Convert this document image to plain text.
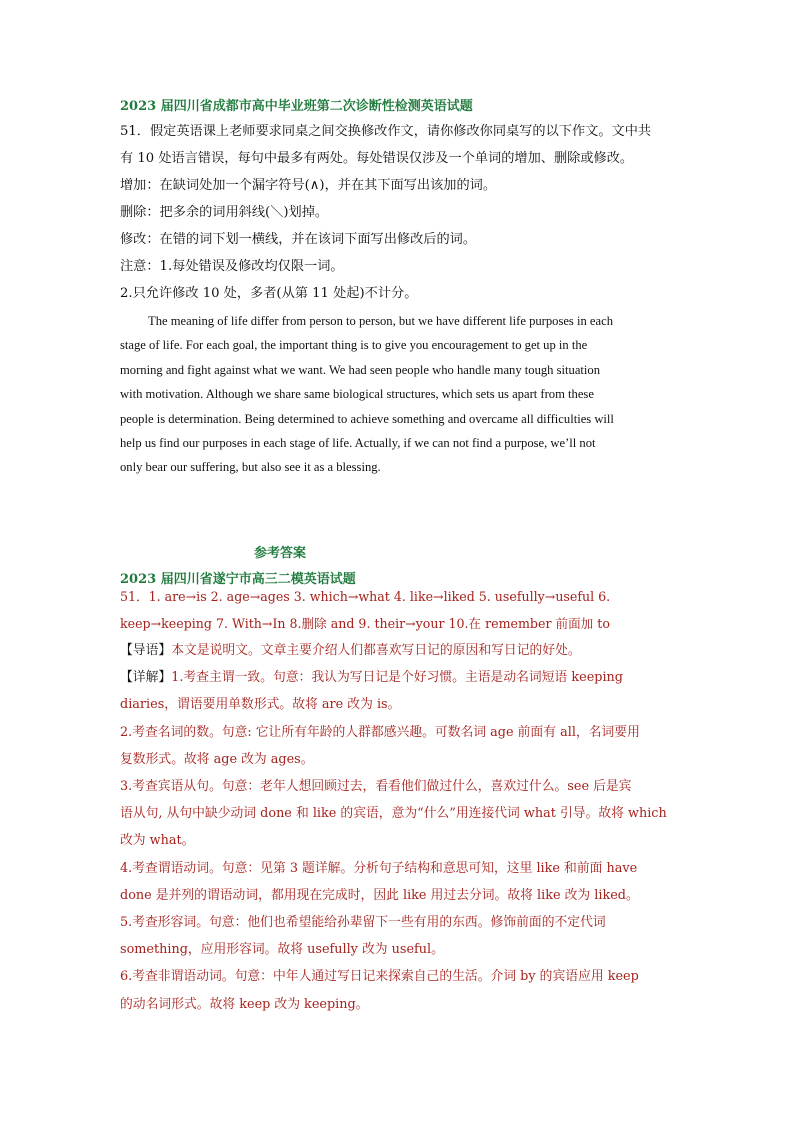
2023 届四川省成都市高中毕业班第二次诊断性检测英语试题

51．假定英语课上老师要求同桌之间交换修改作文，请你修改你同桌写的以下作文。文中共

有 10 处语言错误，每句中最多有两处。每处错误仅涉及一个单词的增加、删除或修改。

增加：在缺词处加一个漏字符号(∧)，并在其下面写出该加的词。

删除：把多余的词用斜线(＼)划掉。

修改：在错的词下划一横线，并在该词下面写出修改后的词。

注意：1.每处错误及修改均仅限一词。

2.只允许修改 10 处，多者(从第 11 处起)不计分。

The meaning of life differ from person to person, but we have different life purposes in each
stage of life. For each goal, the important thing is to give you encouragement to get up in the
morning and fight against what we want. We had seen people who handle many tough situation
with motivation. Although we share same biological structures, which sets us apart from these
people is determination. Being determined to achieve something and overcame all difficulties will
help us find our purposes in each stage of life. Actually, if we can not find a purpose, we’ll not
only bear our suffering, but also see it as a blessing.
参考答案
2023 届四川省遂宁市高三二模英语试题

51．1. are→is 2. age→ages 3. which→what 4. like→liked 5. usefully→useful 6.

keep→keeping 7. With→In 8.删除 and 9. their→your 10.在 remember 前面加 to

【导语】本文是说明文。文章主要介绍人们都喜欢写日记的原因和写日记的好处。

【详解】1.考查主谓一致。句意：我认为写日记是个好习惯。主语是动名词短语 keeping

diaries，谓语要用单数形式。故将 are 改为 is。

2.考查名词的数。句意: 它让所有年龄的人群都感兴趣。可数名词 age 前面有 all，名词要用

复数形式。故将 age 改为 ages。

3.考查宾语从句。句意：老年人想回顾过去，看看他们做过什么，喜欢过什么。see 后是宾

语从句, 从句中缺少动词 done 和 like 的宾语，意为“什么”用连接代词 what 引导。故将 which

改为 what。

4.考查谓语动词。句意：见第 3 题详解。分析句子结构和意思可知，这里 like 和前面 have

done 是并列的谓语动词，都用现在完成时，因此 like 用过去分词。故将 like 改为 liked。

5.考查形容词。句意：他们也希望能给孙辈留下一些有用的东西。修饰前面的不定代词

something，应用形容词。故将 usefully 改为 useful。

6.考查非谓语动词。句意：中年人通过写日记来探索自己的生活。介词 by 的宾语应用 keep

的动名词形式。故将 keep 改为 keeping。
